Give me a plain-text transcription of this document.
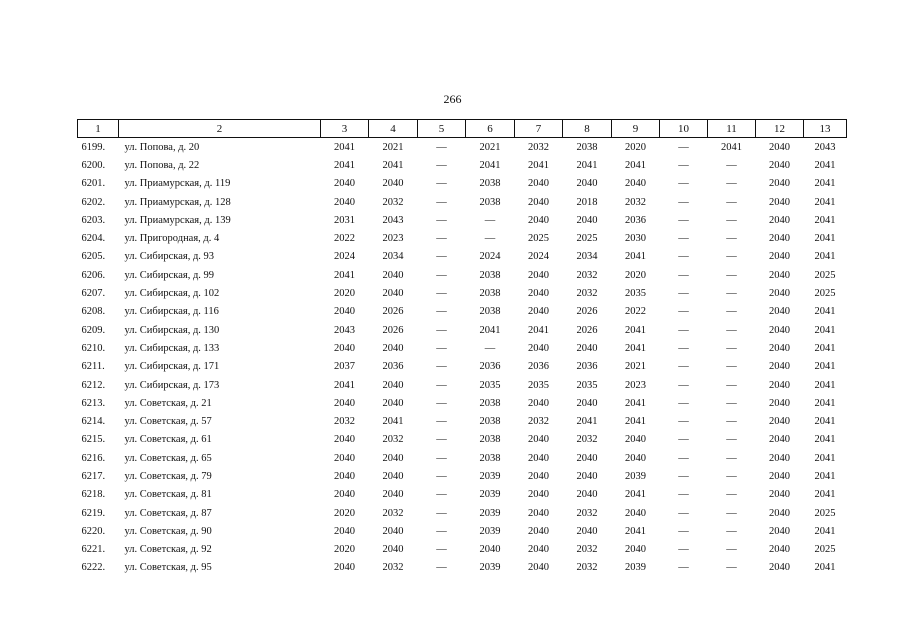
266
1	2	3	4	5	6	7	8	9	10	11	12	13
6199.	ул. Попова, д. 20	2041	2021	—	2021	2032	2038	2020	—	2041	2040	2043
6200.	ул. Попова, д. 22	2041	2041	—	2041	2041	2041	2041	—	—	2040	2041
6201.	ул. Приамурская, д. 119	2040	2040	—	2038	2040	2040	2040	—	—	2040	2041
6202.	ул. Приамурская, д. 128	2040	2032	—	2038	2040	2018	2032	—	—	2040	2041
6203.	ул. Приамурская, д. 139	2031	2043	—	—	2040	2040	2036	—	—	2040	2041
6204.	ул. Пригородная, д. 4	2022	2023	—	—	2025	2025	2030	—	—	2040	2041
6205.	ул. Сибирская, д. 93	2024	2034	—	2024	2024	2034	2041	—	—	2040	2041
6206.	ул. Сибирская, д. 99	2041	2040	—	2038	2040	2032	2020	—	—	2040	2025
6207.	ул. Сибирская, д. 102	2020	2040	—	2038	2040	2032	2035	—	—	2040	2025
6208.	ул. Сибирская, д. 116	2040	2026	—	2038	2040	2026	2022	—	—	2040	2041
6209.	ул. Сибирская, д. 130	2043	2026	—	2041	2041	2026	2041	—	—	2040	2041
6210.	ул. Сибирская, д. 133	2040	2040	—	—	2040	2040	2041	—	—	2040	2041
6211.	ул. Сибирская, д. 171	2037	2036	—	2036	2036	2036	2021	—	—	2040	2041
6212.	ул. Сибирская, д. 173	2041	2040	—	2035	2035	2035	2023	—	—	2040	2041
6213.	ул. Советская, д. 21	2040	2040	—	2038	2040	2040	2041	—	—	2040	2041
6214.	ул. Советская, д. 57	2032	2041	—	2038	2032	2041	2041	—	—	2040	2041
6215.	ул. Советская, д. 61	2040	2032	—	2038	2040	2032	2040	—	—	2040	2041
6216.	ул. Советская, д. 65	2040	2040	—	2038	2040	2040	2040	—	—	2040	2041
6217.	ул. Советская, д. 79	2040	2040	—	2039	2040	2040	2039	—	—	2040	2041
6218.	ул. Советская, д. 81	2040	2040	—	2039	2040	2040	2041	—	—	2040	2041
6219.	ул. Советская, д. 87	2020	2032	—	2039	2040	2032	2040	—	—	2040	2025
6220.	ул. Советская, д. 90	2040	2040	—	2039	2040	2040	2041	—	—	2040	2041
6221.	ул. Советская, д. 92	2020	2040	—	2040	2040	2032	2040	—	—	2040	2025
6222.	ул. Советская, д. 95	2040	2032	—	2039	2040	2032	2039	—	—	2040	2041
